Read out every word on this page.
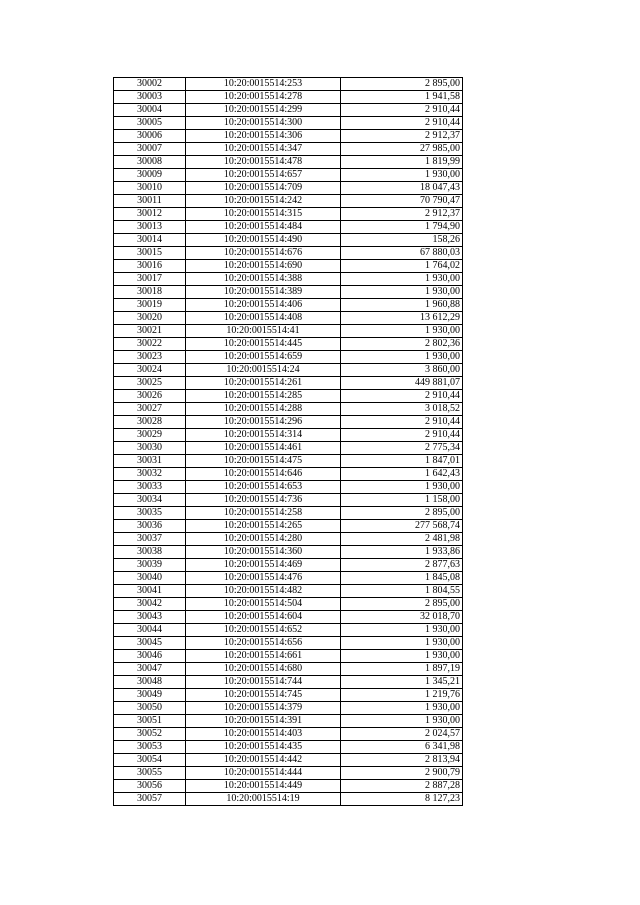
30002	10:20:0015514:253	2 895,00
30003	10:20:0015514:278	1 941,58
30004	10:20:0015514:299	2 910,44
30005	10:20:0015514:300	2 910,44
30006	10:20:0015514:306	2 912,37
30007	10:20:0015514:347	27 985,00
30008	10:20:0015514:478	1 819,99
30009	10:20:0015514:657	1 930,00
30010	10:20:0015514:709	18 047,43
30011	10:20:0015514:242	70 790,47
30012	10:20:0015514:315	2 912,37
30013	10:20:0015514:484	1 794,90
30014	10:20:0015514:490	158,26
30015	10:20:0015514:676	67 880,03
30016	10:20:0015514:690	1 764,02
30017	10:20:0015514:388	1 930,00
30018	10:20:0015514:389	1 930,00
30019	10:20:0015514:406	1 960,88
30020	10:20:0015514:408	13 612,29
30021	10:20:0015514:41	1 930,00
30022	10:20:0015514:445	2 802,36
30023	10:20:0015514:659	1 930,00
30024	10:20:0015514:24	3 860,00
30025	10:20:0015514:261	449 881,07
30026	10:20:0015514:285	2 910,44
30027	10:20:0015514:288	3 018,52
30028	10:20:0015514:296	2 910,44
30029	10:20:0015514:314	2 910,44
30030	10:20:0015514:461	2 775,34
30031	10:20:0015514:475	1 847,01
30032	10:20:0015514:646	1 642,43
30033	10:20:0015514:653	1 930,00
30034	10:20:0015514:736	1 158,00
30035	10:20:0015514:258	2 895,00
30036	10:20:0015514:265	277 568,74
30037	10:20:0015514:280	2 481,98
30038	10:20:0015514:360	1 933,86
30039	10:20:0015514:469	2 877,63
30040	10:20:0015514:476	1 845,08
30041	10:20:0015514:482	1 804,55
30042	10:20:0015514:504	2 895,00
30043	10:20:0015514:604	32 018,70
30044	10:20:0015514:652	1 930,00
30045	10:20:0015514:656	1 930,00
30046	10:20:0015514:661	1 930,00
30047	10:20:0015514:680	1 897,19
30048	10:20:0015514:744	1 345,21
30049	10:20:0015514:745	1 219,76
30050	10:20:0015514:379	1 930,00
30051	10:20:0015514:391	1 930,00
30052	10:20:0015514:403	2 024,57
30053	10:20:0015514:435	6 341,98
30054	10:20:0015514:442	2 813,94
30055	10:20:0015514:444	2 900,79
30056	10:20:0015514:449	2 887,28
30057	10:20:0015514:19	8 127,23
